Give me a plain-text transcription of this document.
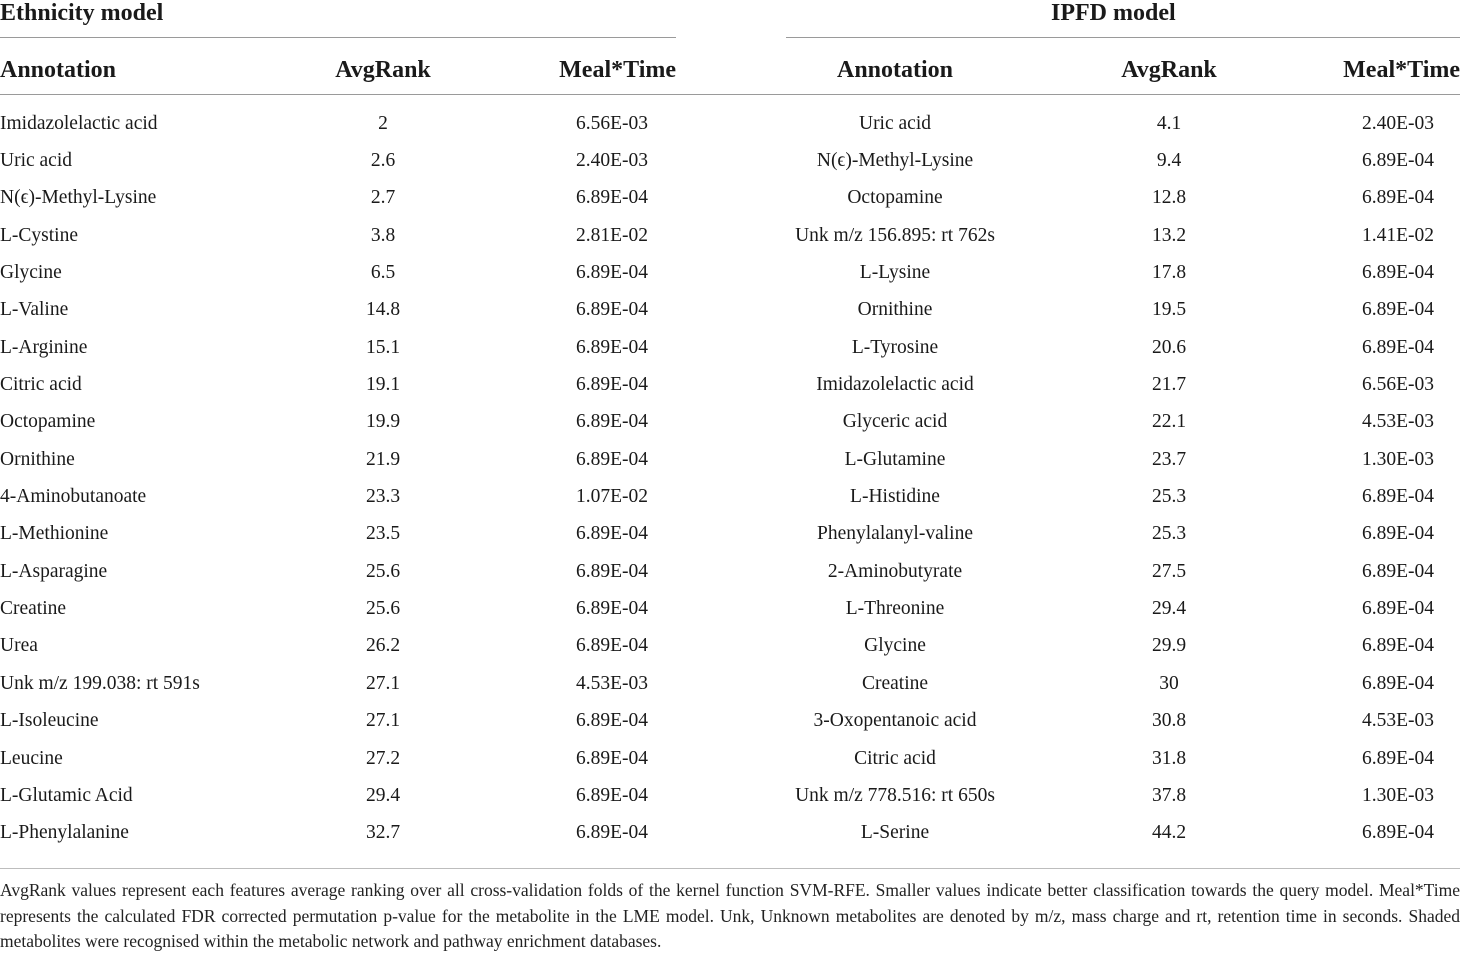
Ethnicity model	IPFD model
Annotation	AvgRank	Meal*Time
Imidazolelactic acid	2	6.56E-03
Uric acid	2.6	2.40E-03
N(ϵ)-Methyl-Lysine	2.7	6.89E-04
L-Cystine	3.8	2.81E-02
Glycine	6.5	6.89E-04
L-Valine	14.8	6.89E-04
L-Arginine	15.1	6.89E-04
Citric acid	19.1	6.89E-04
Octopamine	19.9	6.89E-04
Ornithine	21.9	6.89E-04
4-Aminobutanoate	23.3	1.07E-02
L-Methionine	23.5	6.89E-04
L-Asparagine	25.6	6.89E-04
Creatine	25.6	6.89E-04
Urea	26.2	6.89E-04
Unk m/z 199.038: rt 591s	27.1	4.53E-03
L-Isoleucine	27.1	6.89E-04
Leucine	27.2	6.89E-04
L-Glutamic Acid	29.4	6.89E-04
L-Phenylalanine	32.7	6.89E-04
Annotation	AvgRank	Meal*Time
Uric acid	4.1	2.40E-03
N(ϵ)-Methyl-Lysine	9.4	6.89E-04
Octopamine	12.8	6.89E-04
Unk m/z 156.895: rt 762s	13.2	1.41E-02
L-Lysine	17.8	6.89E-04
Ornithine	19.5	6.89E-04
L-Tyrosine	20.6	6.89E-04
Imidazolelactic acid	21.7	6.56E-03
Glyceric acid	22.1	4.53E-03
L-Glutamine	23.7	1.30E-03
L-Histidine	25.3	6.89E-04
Phenylalanyl-valine	25.3	6.89E-04
2-Aminobutyrate	27.5	6.89E-04
L-Threonine	29.4	6.89E-04
Glycine	29.9	6.89E-04
Creatine	30	6.89E-04
3-Oxopentanoic acid	30.8	4.53E-03
Citric acid	31.8	6.89E-04
Unk m/z 778.516: rt 650s	37.8	1.30E-03
L-Serine	44.2	6.89E-04
AvgRank values represent each features average ranking over all cross-validation folds of the kernel function SVM-RFE. Smaller values indicate better classification towards the query model. Meal*Time represents the calculated FDR corrected permutation p-value for the metabolite in the LME model. Unk, Unknown metabolites are denoted by m/z, mass charge and rt, retention time in seconds. Shaded metabolites were recognised within the metabolic network and pathway enrichment databases.
